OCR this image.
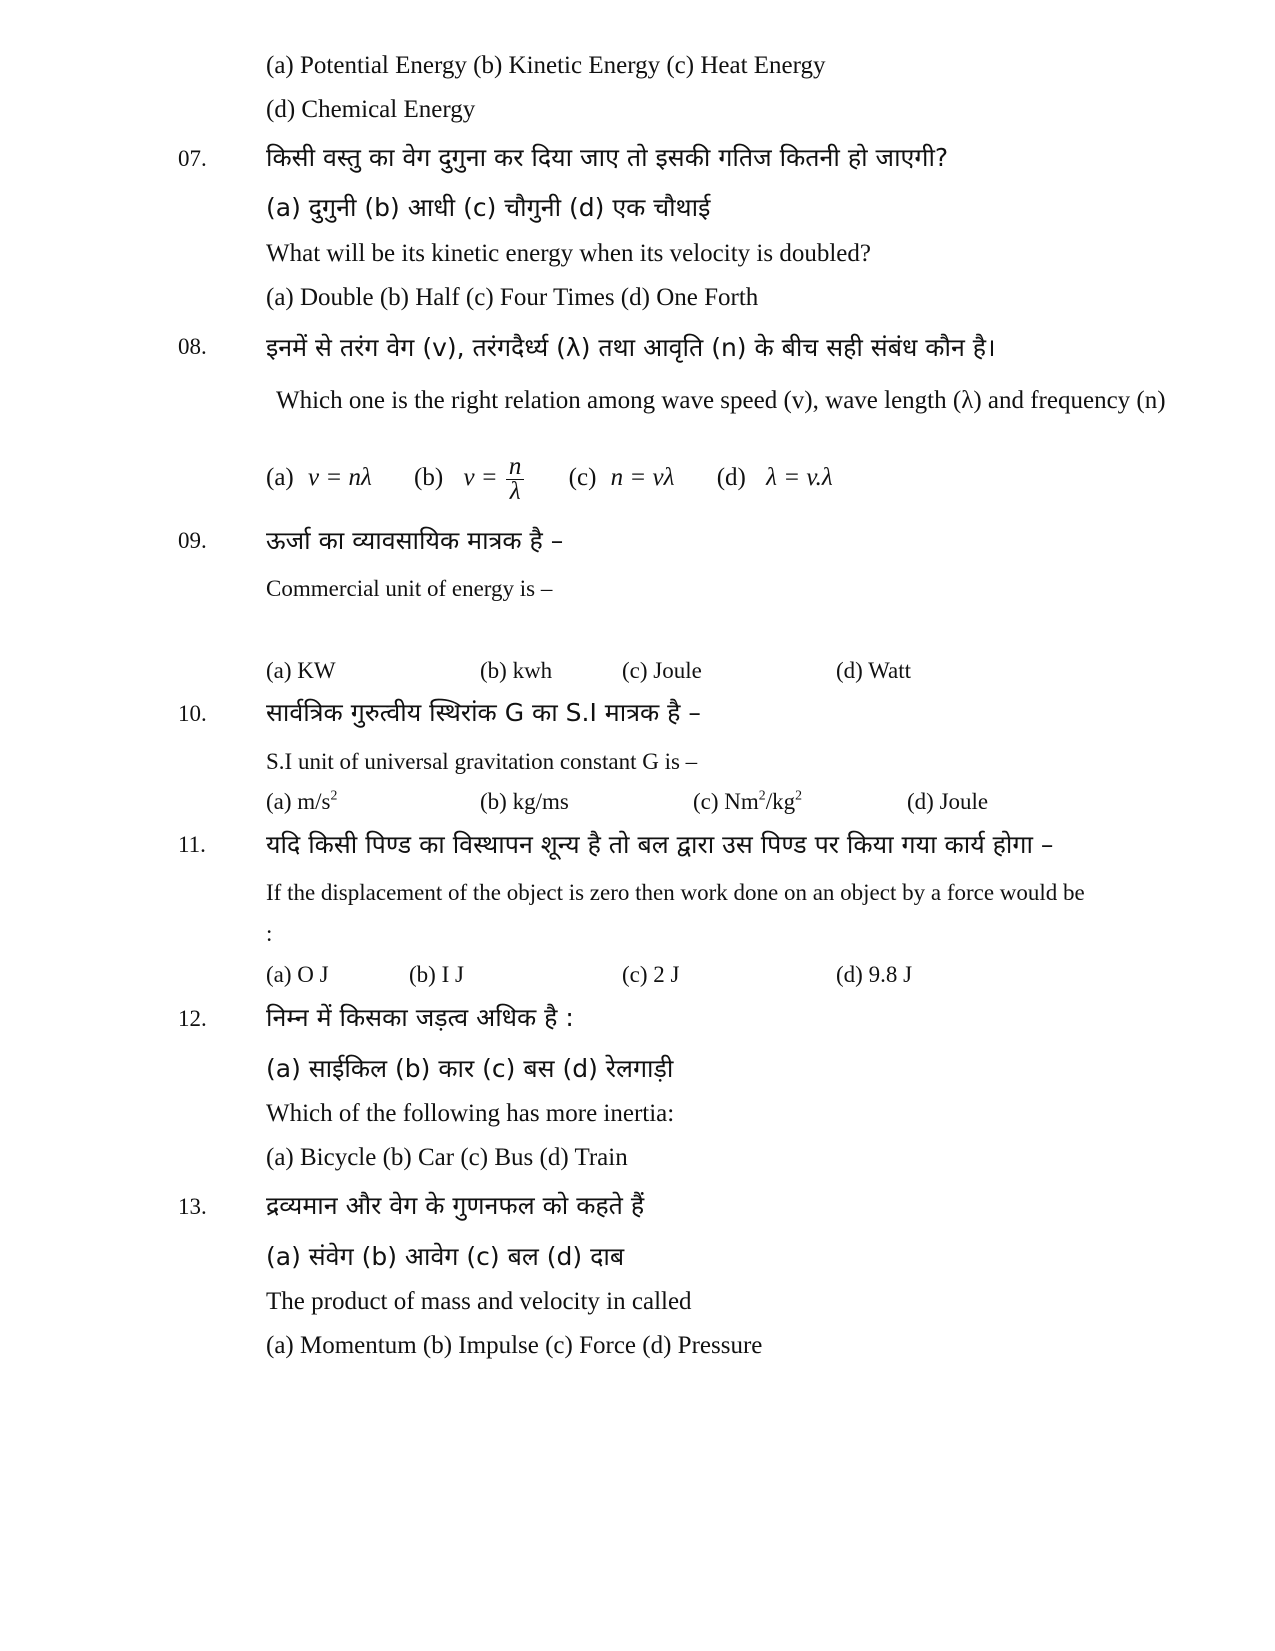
(a) Potential Energy (b) Kinetic Energy (c) Heat Energy
(d) Chemical Energy
07. किसी वस्तु का वेग दुगुना कर दिया जाए तो इसकी गतिज कितनी हो जाएगी?
(a) दुगुनी (b) आधी (c) चौगुनी (d) एक चौथाई
What will be its kinetic energy when its velocity is doubled?
(a) Double (b) Half (c) Four Times (d) One Forth
08. इनमें से तरंग वेग (v), तरंगदैर्ध्य (λ) तथा आवृति (n) के बीच सही संबंध कौन है।
Which one is the right relation among wave speed (v), wave length (λ) and frequency (n)
(a) v = nλ (b) $v = \frac{n}{\lambda} (c) n = v\lambda$ (d) λ = v.λ
09. ऊर्जा का व्यावसायिक मात्रक है –
Commercial unit of energy is –
(a) KW	(b) kwh	(c) Joule	(d) Watt
10. सार्वत्रिक गुरुत्वीय स्थिरांक G का S.I मात्रक है –
S.I unit of universal gravitation constant G is –
(a) $m/s^2$	(b) kg/ms	(c) $Nm^2/kg^2$	(d) Joule
11. यदि किसी पिण्ड का विस्थापन शून्य है तो बल द्वारा उस पिण्ड पर किया गया कार्य होगा –
If the displacement of the object is zero then work done on an object by a force would be
:
(a) O J	(b) I J	(c) 2 J	(d) 9.8 J
12. निम्न में किसका जड़त्व अधिक है :
(a) साईकिल (b) कार (c) बस (d) रेलगाड़ी
Which of the following has more inertia:
(a) Bicycle (b) Car (c) Bus (d) Train
13. द्रव्यमान और वेग के गुणनफल को कहते हैं
(a) संवेग (b) आवेग (c) बल (d) दाब
The product of mass and velocity in called
(a) Momentum (b) Impulse (c) Force (d) Pressure
